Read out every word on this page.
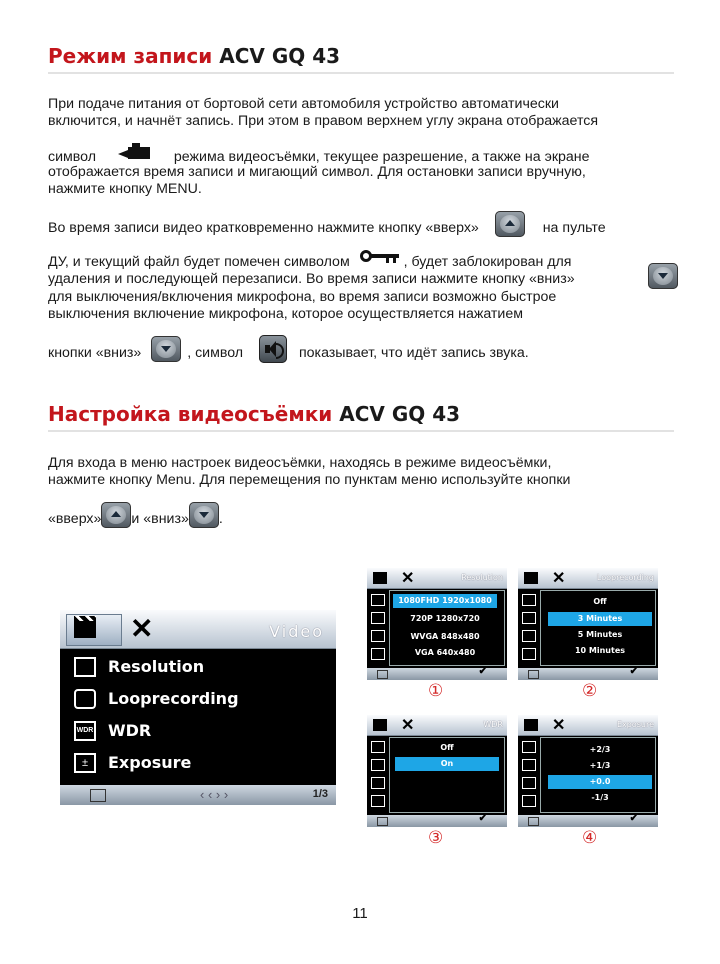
Режим записи ACV GQ 43
При подаче питания от бортовой сети автомобиля устройство автоматически
включится, и начнёт запись. При этом в правом верхнем углу экрана отображается
символ	режима видеосъёмки, текущее разрешение, а также на экране
отображается время записи и мигающий символ. Для остановки записи вручную,
нажмите кнопку MENU.
Во время записи видео кратковременно нажмите кнопку «вверх»	на пульте
ДУ, и текущий файл будет помечен символом	, будет заблокирован для
удаления и последующей перезаписи. Во время записи нажмите кнопку «вниз»
для выключения/включения микрофона, во время записи возможно быстрое
выключения включение микрофона, которое осуществляется нажатием
кнопки «вниз»	, символ	показывает, что идёт запись звука.
Настройка видеосъёмки ACV GQ 43
Для входа в меню настроек видеосъёмки, находясь в режиме видеосъёмки,
нажмите кнопку Menu. Для перемещения по пунктам меню используйте кнопки
«вверх» и «вниз» .
✕	Video
Resolution
Looprecording
WDR WDR
±	Exposure
‹ ‹ › ›	1/3
✕	Resolution
1080FHD 1920x1080
720P 1280x720
WVGA 848x480
VGA 640x480
✔
①
✕	Looprecording
Off
3 Minutes
5 Minutes
10 Minutes
✔
②
✕	WDR
Off
On
✔
③
✕	Exposure
+2/3
+1/3
+0.0
-1/3
✔
④
11
